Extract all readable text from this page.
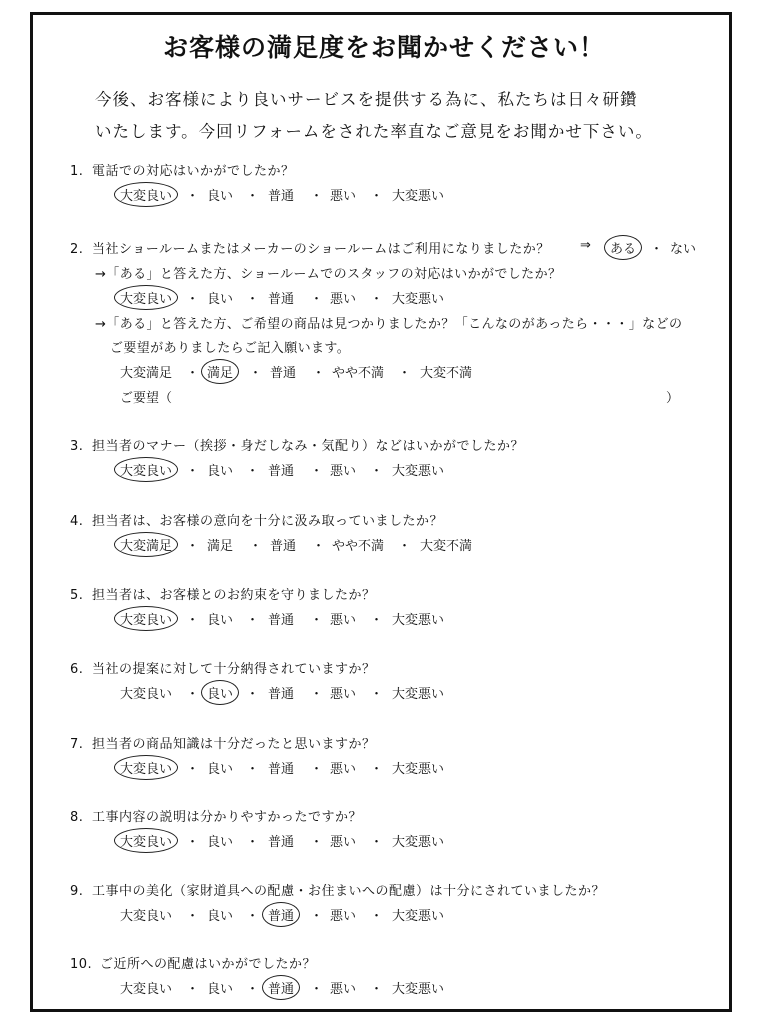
お客様の満足度をお聞かせください！
今後、お客様により良いサービスを提供する為に、私たちは日々研鑽
いたします。今回リフォームをされた率直なご意見をお聞かせ下さい。
1. 電話での対応はいかがでしたか？
大変良い	・ 良い ・ 普通 ・ 悪い ・ 大変悪い
2. 当社ショールームまたはメーカーのショールームはご利用になりましたか？ ⇒	ある	・ ない
→「ある」と答えた方、ショールームでのスタッフの対応はいかがでしたか？
大変良い	・ 良い ・ 普通 ・ 悪い ・ 大変悪い
→「ある」と答えた方、ご希望の商品は見つかりましたか？「こんなのがあったら・・・」などの
ご要望がありましたらご記入願います。
大変満足 ・ 満足	・ 普通 ・ やや不満 ・ 大変不満
ご要望（	）
3. 担当者のマナー（挨拶・身だしなみ・気配り）などはいかがでしたか？
大変良い	・ 良い ・ 普通 ・ 悪い ・ 大変悪い
4. 担当者は、お客様の意向を十分に汲み取っていましたか？
大変満足	・ 満足 ・ 普通 ・ やや不満 ・ 大変不満
5. 担当者は、お客様とのお約束を守りましたか？
大変良い	・ 良い ・ 普通 ・ 悪い ・ 大変悪い
6. 当社の提案に対して十分納得されていますか？
大変良い ・ 良い ・ 普通 ・ 悪い ・ 大変悪い
7. 担当者の商品知識は十分だったと思いますか？
大変良い	・ 良い ・ 普通 ・ 悪い ・ 大変悪い
8. 工事内容の説明は分かりやすかったですか？
大変良い	・ 良い ・ 普通 ・ 悪い ・ 大変悪い
9. 工事中の美化（家財道具への配慮・お住まいへの配慮）は十分にされていましたか？
大変良い ・ 良い ・ 普通	・ 悪い ・ 大変悪い
10. ご近所への配慮はいかがでしたか？
大変良い ・ 良い ・ 普通	・ 悪い ・ 大変悪い
